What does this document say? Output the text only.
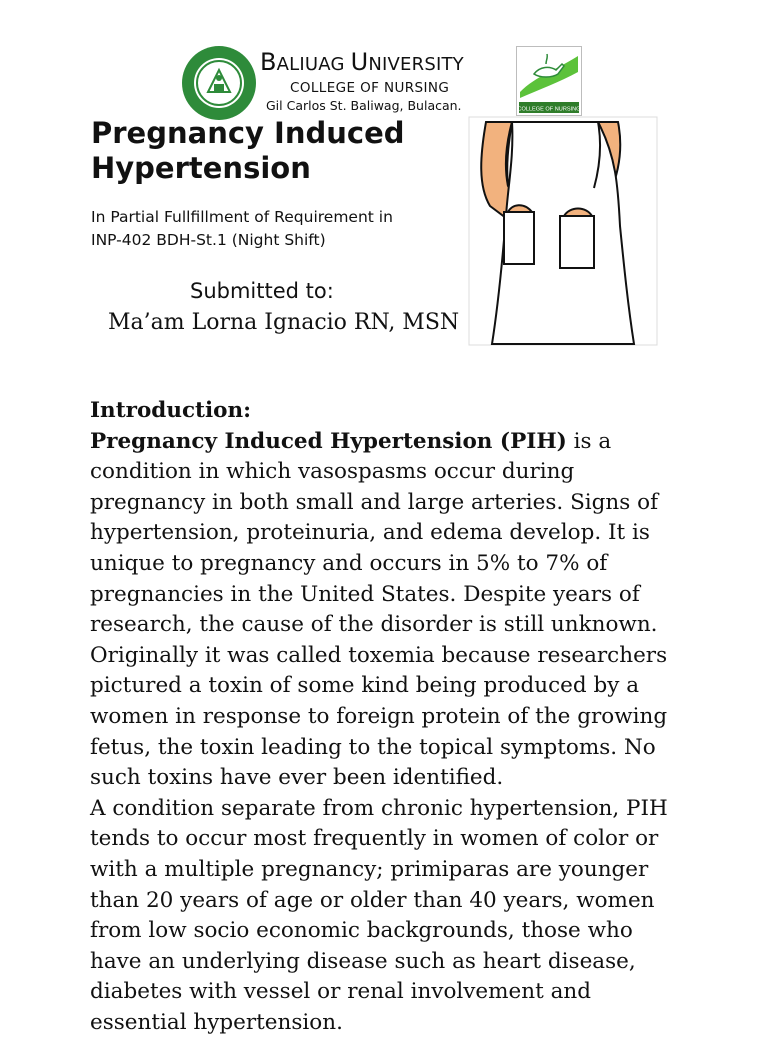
BALIUAG UNIVERSITY
COLLEGE OF NURSING
Gil Carlos St. Baliwag, Bulacan.	COLLEGE OF NURSING
Pregnancy Induced
Hypertension
In Partial Fullfillment of Requirement in
INP-402 BDH-St.1 (Night Shift)
Submitted to:
Ma’am Lorna Ignacio RN, MSN

Introduction:

Pregnancy Induced Hypertension (PIH) is a condition in which vasospasms occur during pregnancy in both small and large arteries. Signs of hypertension, proteinuria, and edema develop. It is unique to pregnancy and occurs in 5% to 7% of pregnancies in the United States. Despite years of research, the cause of the disorder is still unknown. Originally it was called toxemia because researchers pictured a toxin of some kind being produced by a women in response to foreign protein of the growing fetus, the toxin leading to the topical symptoms. No such toxins have ever been identified.

A condition separate from chronic hypertension, PIH tends to occur most frequently in women of color or with a multiple pregnancy; primiparas are younger than 20 years of age or older than 40 years, women from low socio economic backgrounds, those who have an underlying disease such as heart disease, diabetes with vessel or renal involvement and essential hypertension.
